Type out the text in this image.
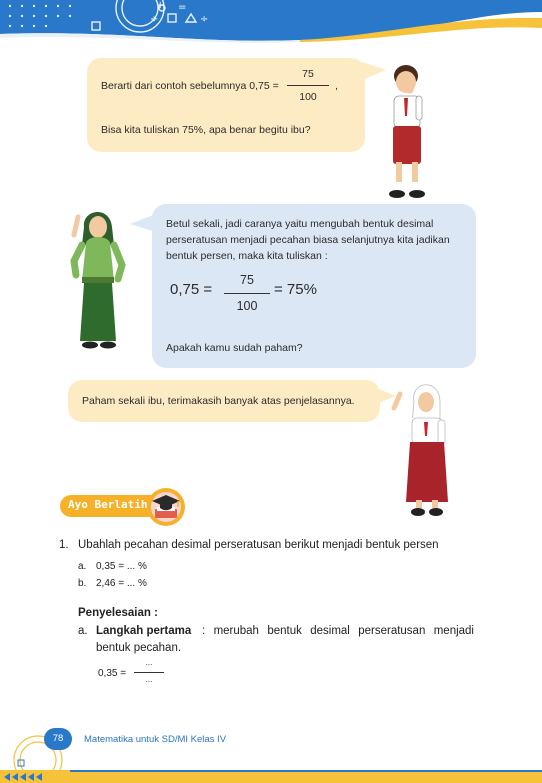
÷
=
÷
+
Berarti dari contoh sebelumnya 0,75 =
75
100
,
Bisa kita tuliskan 75%, apa benar begitu ibu?
Betul sekali, jadi caranya yaitu mengubah bentuk desimal
perseratusan menjadi pecahan biasa selanjutnya kita jadikan
bentuk persen, maka kita tuliskan :
0,75 =
75
100
= 75%
Apakah kamu sudah paham?
Paham sekali ibu, terimakasih banyak atas penjelasannya.
Ayo Berlatih
1. Ubahlah pecahan desimal perseratusan berikut menjadi bentuk persen
a. 0,35 = ... %
b. 2,46 = ... %
Penyelesaian :
a. Langkah pertama : merubah bentuk desimal perseratusan menjadi
bentuk pecahan.
0,35 =
...
...
78	Matematika untuk SD/MI Kelas IV
